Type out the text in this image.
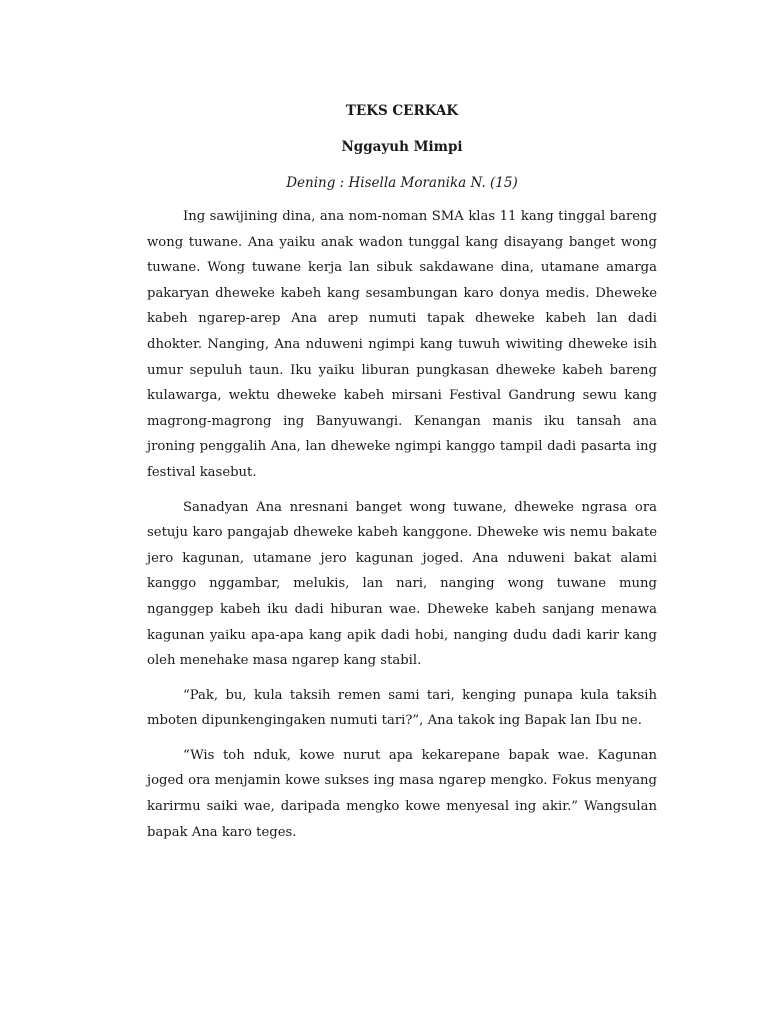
TEKS CERKAK
Nggayuh Mimpi
Dening : Hisella Moranika N. (15)

Ing sawijining dina, ana nom-noman SMA klas 11 kang tinggal bareng wong tuwane. Ana yaiku anak wadon tunggal kang disayang banget wong tuwane. Wong tuwane kerja lan sibuk sakdawane dina, utamane amarga pakaryan dheweke kabeh kang sesambungan karo donya medis. Dheweke kabeh ngarep-arep Ana arep numuti tapak dheweke kabeh lan dadi dhokter. Nanging, Ana nduweni ngimpi kang tuwuh wiwiting dheweke isih umur sepuluh taun. Iku yaiku liburan pungkasan dheweke kabeh bareng kulawarga, wektu dheweke kabeh mirsani Festival Gandrung sewu kang magrong-magrong ing Banyuwangi. Kenangan manis iku tansah ana jroning penggalih Ana, lan dheweke ngimpi kanggo tampil dadi pasarta ing festival kasebut.

Sanadyan Ana nresnani banget wong tuwane, dheweke ngrasa ora setuju karo pangajab dheweke kabeh kanggone. Dheweke wis nemu bakate jero kagunan, utamane jero kagunan joged. Ana nduweni bakat alami kanggo nggambar, melukis, lan nari, nanging wong tuwane mung nganggep kabeh iku dadi hiburan wae. Dheweke kabeh sanjang menawa kagunan yaiku apa-apa kang apik dadi hobi, nanging dudu dadi karir kang oleh menehake masa ngarep kang stabil.

“Pak, bu, kula taksih remen sami tari, kenging punapa kula taksih mboten dipunkengingaken numuti tari?”, Ana takok ing Bapak lan Ibu ne.

“Wis toh nduk, kowe nurut apa kekarepane bapak wae. Kagunan joged ora menjamin kowe sukses ing masa ngarep mengko. Fokus menyang karirmu saiki wae, daripada mengko kowe menyesal ing akir.” Wangsulan bapak Ana karo teges.
